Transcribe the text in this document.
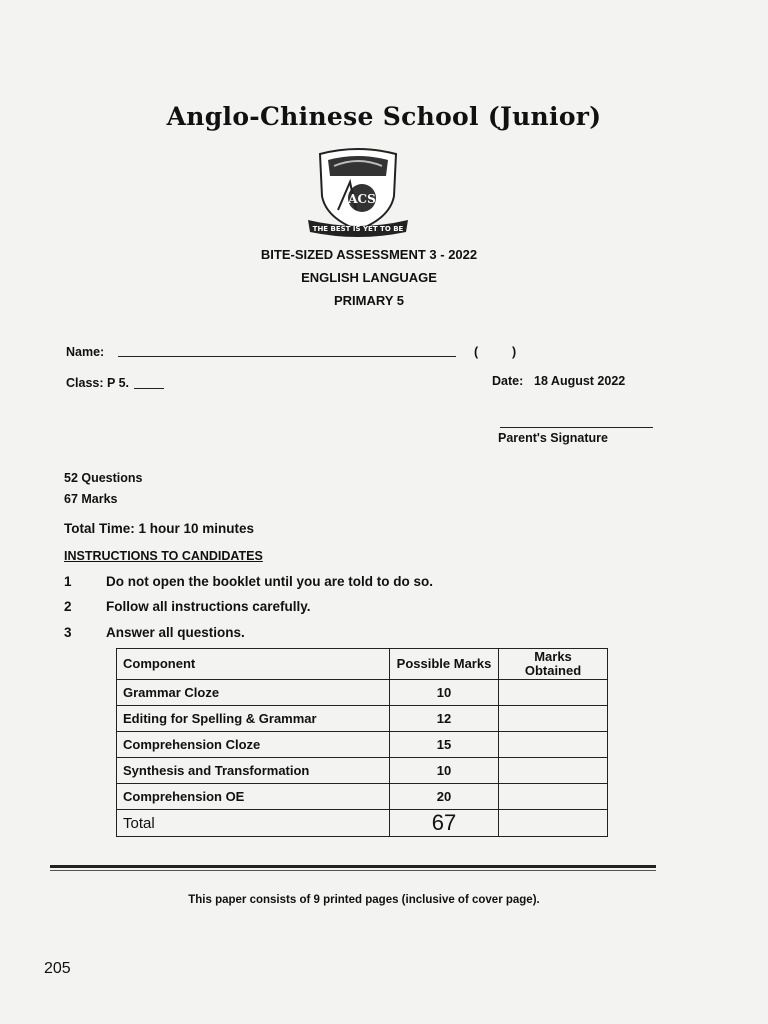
Anglo-Chinese School (Junior)
ACS
THE BEST IS YET TO BE
BITE-SIZED ASSESSMENT 3 - 2022
ENGLISH LANGUAGE
PRIMARY 5
Name:	(	)
Class: P 5.	Date: 18 August 2022
Parent's Signature
52 Questions
67 Marks
Total Time: 1 hour 10 minutes
INSTRUCTIONS TO CANDIDATES
1	Do not open the booklet until you are told to do so.
2	Follow all instructions carefully.
3	Answer all questions.
Component	Possible Marks	Marks Obtained
Grammar Cloze	10	
Editing for Spelling & Grammar	12	
Comprehension Cloze	15	
Synthesis and Transformation	10	
Comprehension OE	20	
Total	67	
This paper consists of 9 printed pages (inclusive of cover page).
205
